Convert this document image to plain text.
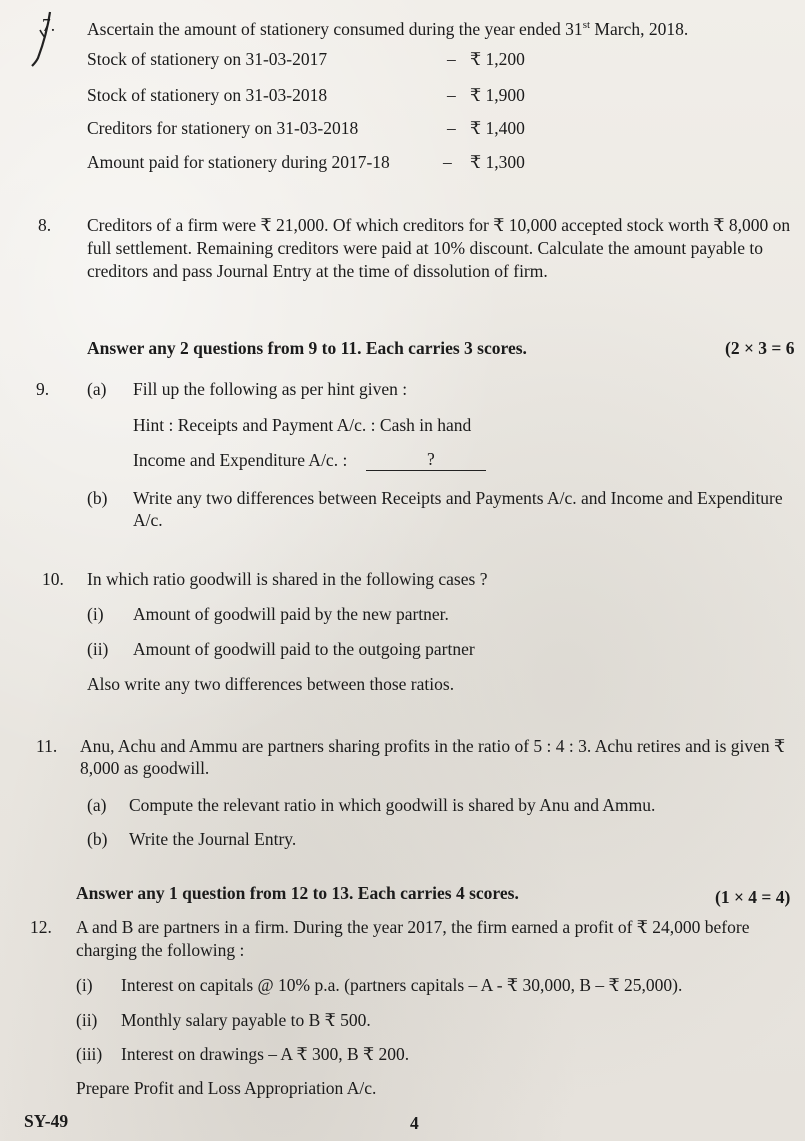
7. Ascertain the amount of stationery consumed during the year ended 31st March, 2018.
Stock of stationery on 31-03-2017	– ₹ 1,200
Stock of stationery on 31-03-2018	– ₹ 1,900
Creditors for stationery on 31-03-2018	– ₹ 1,400
Amount paid for stationery during 2017-18	– ₹ 1,300
8. Creditors of a firm were ₹ 21,000. Of which creditors for ₹ 10,000 accepted stock worth ₹ 8,000 on full settlement. Remaining creditors were paid at 10% discount. Calculate the amount payable to creditors and pass Journal Entry at the time of dissolution of firm.
Answer any 2 questions from 9 to 11. Each carries 3 scores.	(2 × 3 = 6
9. (a) Fill up the following as per hint given :
Hint : Receipts and Payment A/c. : Cash in hand
Income and Expenditure A/c. :	?
(b) Write any two differences between Receipts and Payments A/c. and Income and Expenditure A/c.
10. In which ratio goodwill is shared in the following cases ?
(i) Amount of goodwill paid by the new partner.
(ii) Amount of goodwill paid to the outgoing partner
Also write any two differences between those ratios.
11. Anu, Achu and Ammu are partners sharing profits in the ratio of 5 : 4 : 3. Achu retires and is given ₹ 8,000 as goodwill.
(a) Compute the relevant ratio in which goodwill is shared by Anu and Ammu.
(b) Write the Journal Entry.
Answer any 1 question from 12 to 13. Each carries 4 scores.	(1 × 4 = 4)
12. A and B are partners in a firm. During the year 2017, the firm earned a profit of ₹ 24,000 before charging the following :
(i) Interest on capitals @ 10% p.a. (partners capitals – A - ₹ 30,000, B – ₹ 25,000).
(ii) Monthly salary payable to B ₹ 500.
(iii) Interest on drawings – A ₹ 300, B ₹ 200.
Prepare Profit and Loss Appropriation A/c.
SY-49	4
